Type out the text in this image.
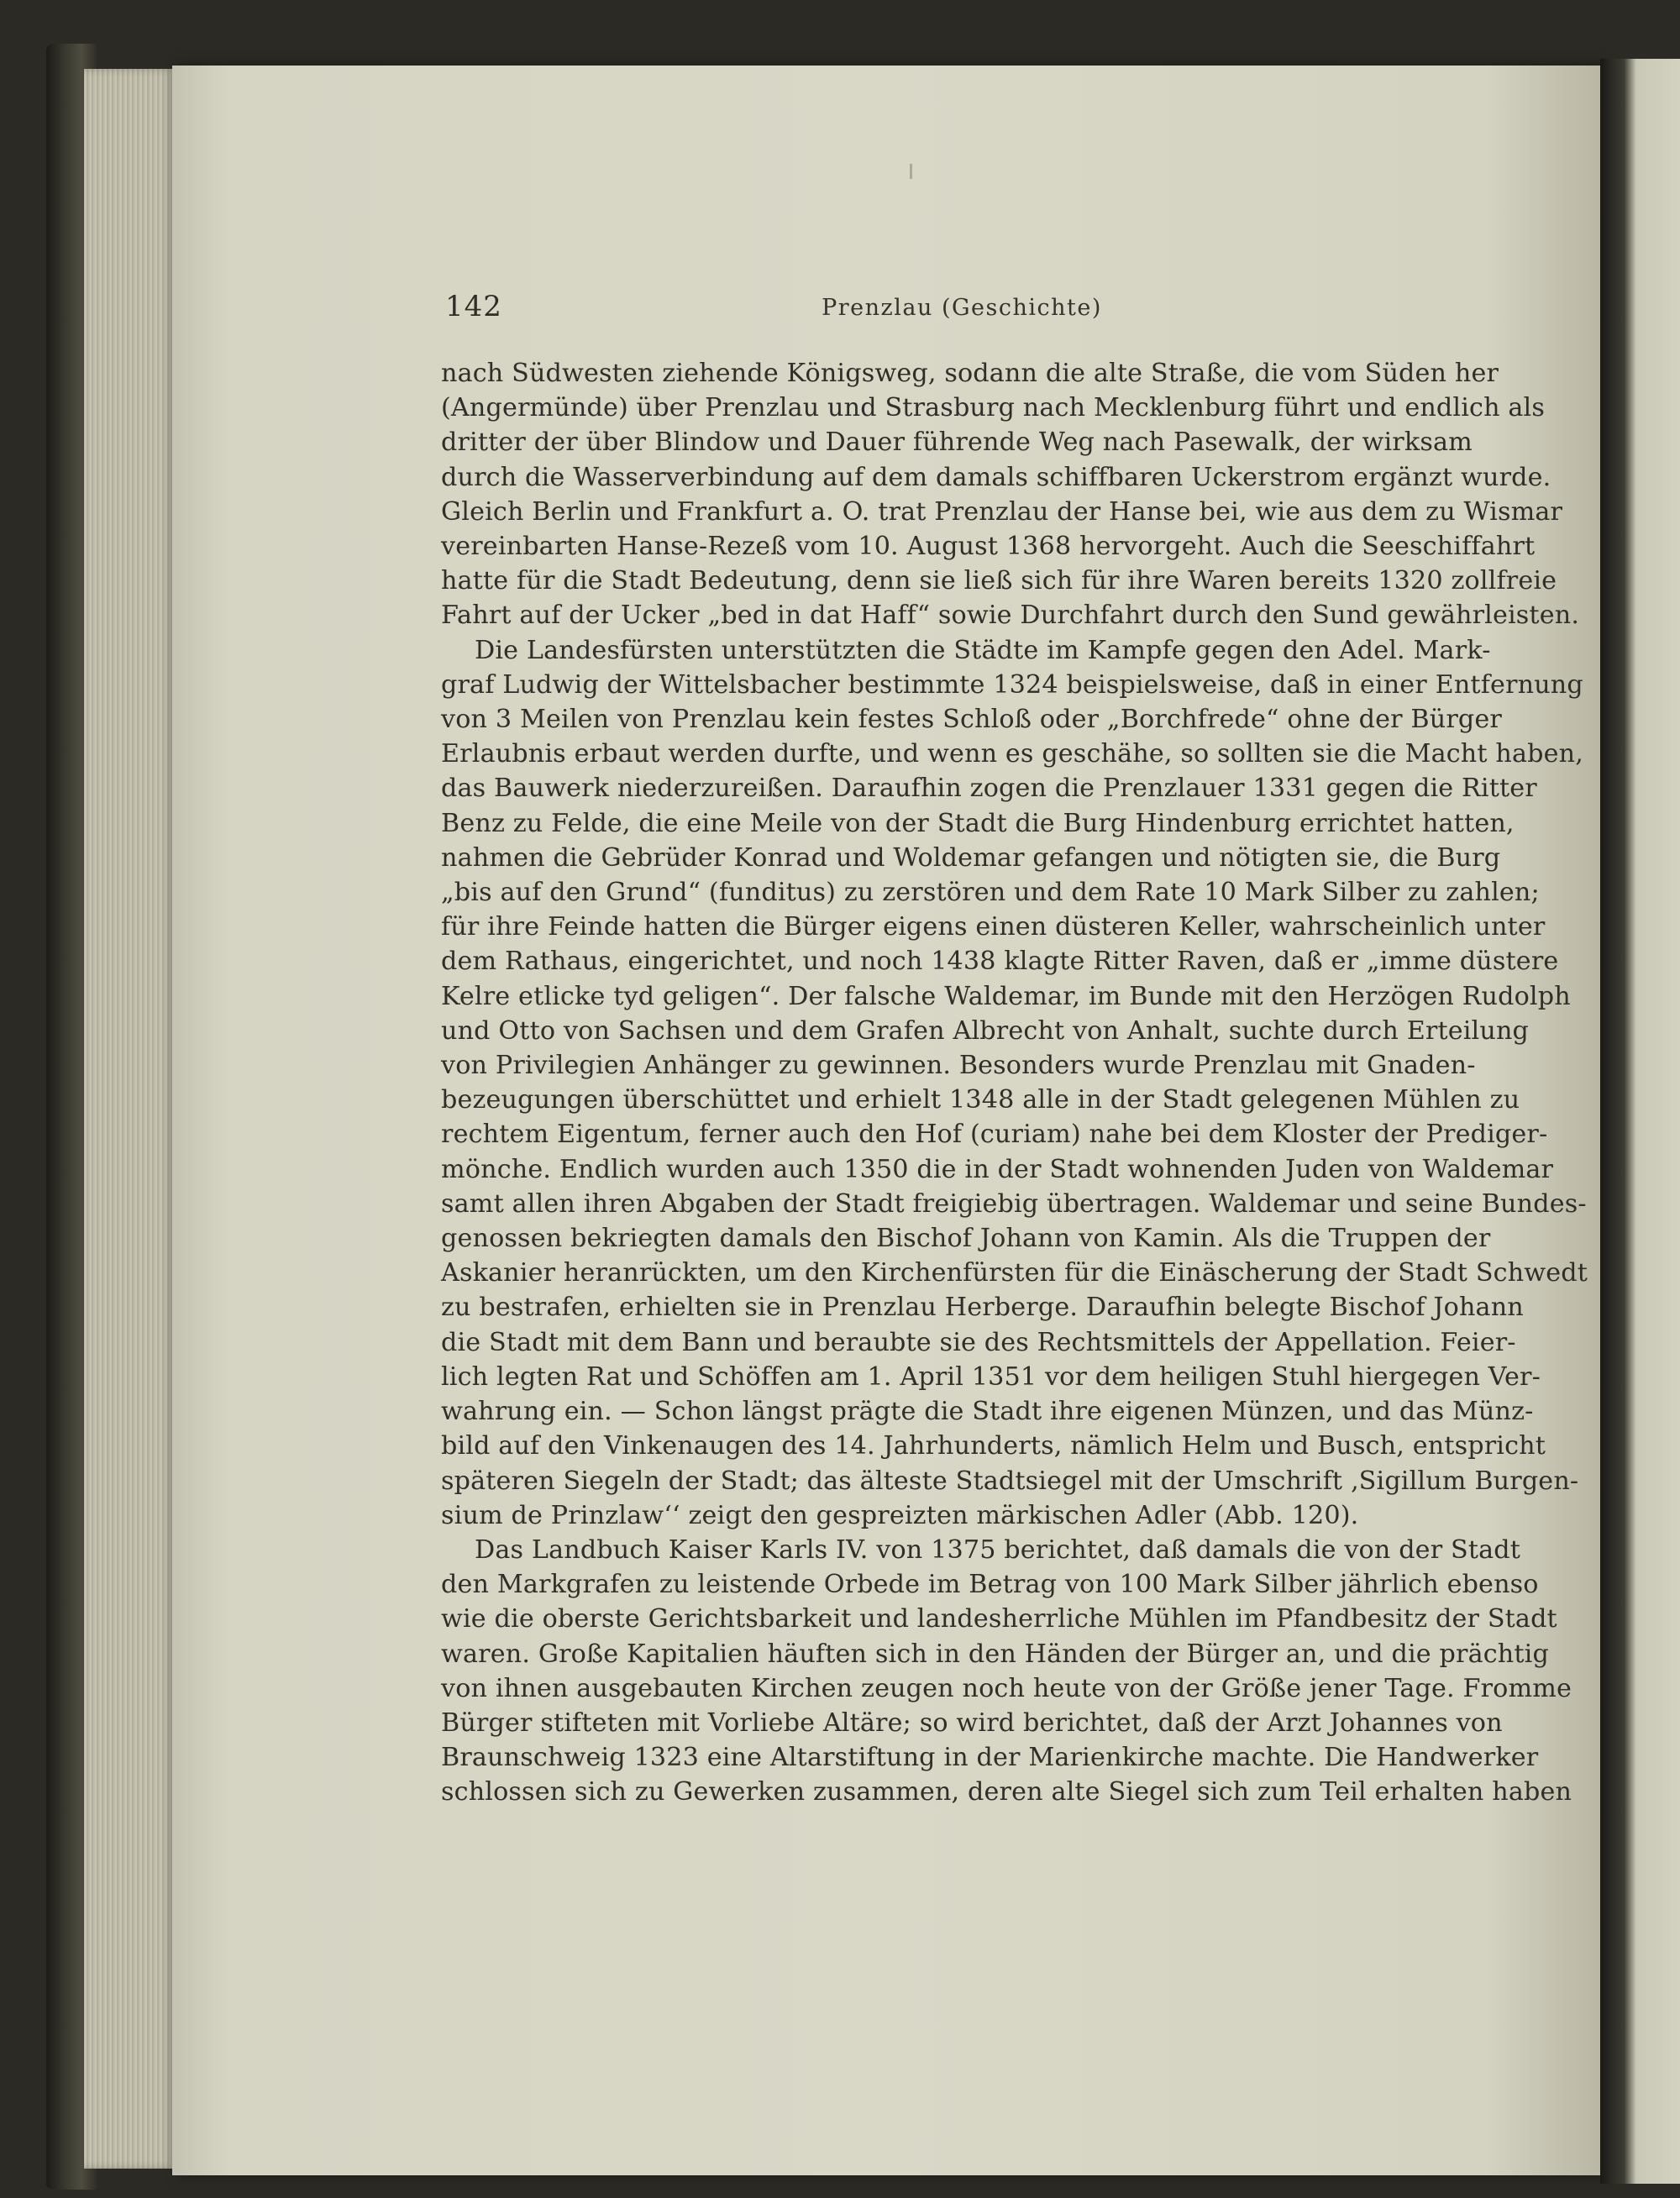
142	Prenzlau (Geschichte)
nach Südwesten ziehende Königsweg, sodann die alte Straße, die vom Süden her
(Angermünde) über Prenzlau und Strasburg nach Mecklenburg führt und endlich als
dritter der über Blindow und Dauer führende Weg nach Pasewalk, der wirksam
durch die Wasserverbindung auf dem damals schiffbaren Uckerstrom ergänzt wurde.
Gleich Berlin und Frankfurt a. O. trat Prenzlau der Hanse bei, wie aus dem zu Wismar
vereinbarten Hanse-Rezeß vom 10. August 1368 hervorgeht. Auch die Seeschiffahrt
hatte für die Stadt Bedeutung, denn sie ließ sich für ihre Waren bereits 1320 zollfreie
Fahrt auf der Ucker „bed in dat Haff“ sowie Durchfahrt durch den Sund gewährleisten.
Die Landesfürsten unterstützten die Städte im Kampfe gegen den Adel. Mark-
graf Ludwig der Wittelsbacher bestimmte 1324 beispielsweise, daß in einer Entfernung
von 3 Meilen von Prenzlau kein festes Schloß oder „Borchfrede“ ohne der Bürger
Erlaubnis erbaut werden durfte, und wenn es geschähe, so sollten sie die Macht haben,
das Bauwerk niederzureißen. Daraufhin zogen die Prenzlauer 1331 gegen die Ritter
Benz zu Felde, die eine Meile von der Stadt die Burg Hindenburg errichtet hatten,
nahmen die Gebrüder Konrad und Woldemar gefangen und nötigten sie, die Burg
„bis auf den Grund“ (funditus) zu zerstören und dem Rate 10 Mark Silber zu zahlen;
für ihre Feinde hatten die Bürger eigens einen düsteren Keller, wahrscheinlich unter
dem Rathaus, eingerichtet, und noch 1438 klagte Ritter Raven, daß er „imme düstere
Kelre etlicke tyd geligen“. Der falsche Waldemar, im Bunde mit den Herzögen Rudolph
und Otto von Sachsen und dem Grafen Albrecht von Anhalt, suchte durch Erteilung
von Privilegien Anhänger zu gewinnen. Besonders wurde Prenzlau mit Gnaden-
bezeugungen überschüttet und erhielt 1348 alle in der Stadt gelegenen Mühlen zu
rechtem Eigentum, ferner auch den Hof (curiam) nahe bei dem Kloster der Prediger-
mönche. Endlich wurden auch 1350 die in der Stadt wohnenden Juden von Waldemar
samt allen ihren Abgaben der Stadt freigiebig übertragen. Waldemar und seine Bundes-
genossen bekriegten damals den Bischof Johann von Kamin. Als die Truppen der
Askanier heranrückten, um den Kirchenfürsten für die Einäscherung der Stadt Schwedt
zu bestrafen, erhielten sie in Prenzlau Herberge. Daraufhin belegte Bischof Johann
die Stadt mit dem Bann und beraubte sie des Rechtsmittels der Appellation. Feier-
lich legten Rat und Schöffen am 1. April 1351 vor dem heiligen Stuhl hiergegen Ver-
wahrung ein. — Schon längst prägte die Stadt ihre eigenen Münzen, und das Münz-
bild auf den Vinkenaugen des 14. Jahrhunderts, nämlich Helm und Busch, entspricht
späteren Siegeln der Stadt; das älteste Stadtsiegel mit der Umschrift ‚Sigillum Burgen-
sium de Prinzlaw‘‘ zeigt den gespreizten märkischen Adler (Abb. 120).
Das Landbuch Kaiser Karls IV. von 1375 berichtet, daß damals die von der Stadt
den Markgrafen zu leistende Orbede im Betrag von 100 Mark Silber jährlich ebenso
wie die oberste Gerichtsbarkeit und landesherrliche Mühlen im Pfandbesitz der Stadt
waren. Große Kapitalien häuften sich in den Händen der Bürger an, und die prächtig
von ihnen ausgebauten Kirchen zeugen noch heute von der Größe jener Tage. Fromme
Bürger stifteten mit Vorliebe Altäre; so wird berichtet, daß der Arzt Johannes von
Braunschweig 1323 eine Altarstiftung in der Marienkirche machte. Die Handwerker
schlossen sich zu Gewerken zusammen, deren alte Siegel sich zum Teil erhalten haben
